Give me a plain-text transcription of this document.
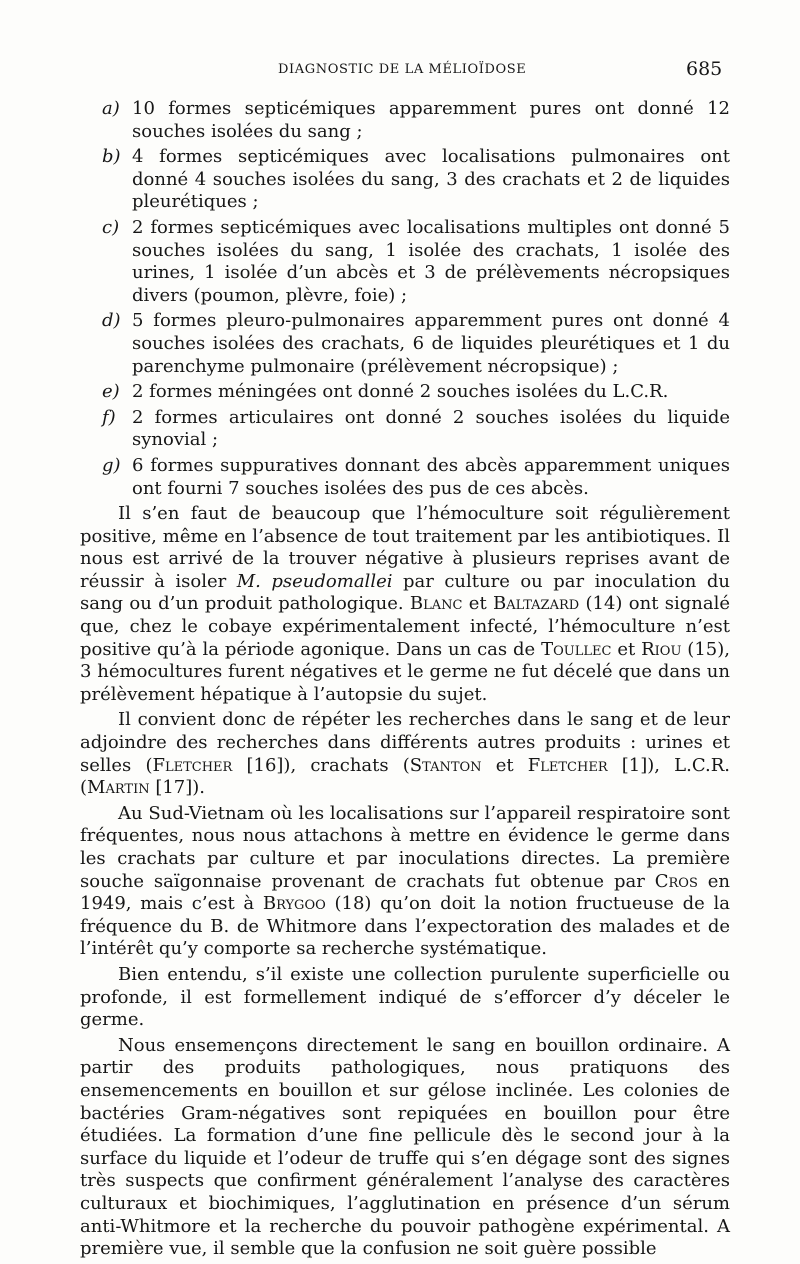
DIAGNOSTIC DE LA MÉLIOÏDOSE	685
a) 10 formes septicémiques apparemment pures ont donné 12 souches isolées du sang ;
b) 4 formes septicémiques avec localisations pulmonaires ont donné 4 souches isolées du sang, 3 des crachats et 2 de liquides pleurétiques ;
c) 2 formes septicémiques avec localisations multiples ont donné 5 souches isolées du sang, 1 isolée des crachats, 1 isolée des urines, 1 isolée d’un abcès et 3 de prélèvements nécropsiques divers (poumon, plèvre, foie) ;
d) 5 formes pleuro-pulmonaires apparemment pures ont donné 4 souches isolées des crachats, 6 de liquides pleurétiques et 1 du parenchyme pulmonaire (prélèvement nécropsique) ;
e) 2 formes méningées ont donné 2 souches isolées du L.C.R.
f) 2 formes articulaires ont donné 2 souches isolées du liquide synovial ;
g) 6 formes suppuratives donnant des abcès apparemment uniques ont fourni 7 souches isolées des pus de ces abcès.

Il s’en faut de beaucoup que l’hémoculture soit régulièrement positive, même en l’absence de tout traitement par les antibiotiques. Il nous est arrivé de la trouver négative à plusieurs reprises avant de réussir à isoler M. pseudomallei par culture ou par inoculation du sang ou d’un produit pathologique. Blanc et Baltazard (14) ont signalé que, chez le cobaye expérimentalement infecté, l’hémoculture n’est positive qu’à la période agonique. Dans un cas de Toullec et Riou (15), 3 hémocultures furent négatives et le germe ne fut décelé que dans un prélèvement hépatique à l’autopsie du sujet.

Il convient donc de répéter les recherches dans le sang et de leur adjoindre des recherches dans différents autres produits : urines et selles (Fletcher [16]), crachats (Stanton et Fletcher [1]), L.C.R. (Martin [17]).

Au Sud-Vietnam où les localisations sur l’appareil respiratoire sont fréquentes, nous nous attachons à mettre en évidence le germe dans les crachats par culture et par inoculations directes. La première souche saïgonnaise provenant de crachats fut obtenue par Cros en 1949, mais c’est à Brygoo (18) qu’on doit la notion fructueuse de la fréquence du B. de Whitmore dans l’expectoration des malades et de l’intérêt qu’y comporte sa recherche systématique.

Bien entendu, s’il existe une collection purulente superficielle ou profonde, il est formellement indiqué de s’efforcer d’y déceler le germe.

Nous ensemençons directement le sang en bouillon ordinaire. A partir des produits pathologiques, nous pratiquons des ensemencements en bouillon et sur gélose inclinée. Les colonies de bactéries Gram-négatives sont repiquées en bouillon pour être étudiées. La formation d’une fine pellicule dès le second jour à la surface du liquide et l’odeur de truffe qui s’en dégage sont des signes très suspects que confirment généralement l’analyse des caractères culturaux et biochimiques, l’agglutination en présence d’un sérum anti-Whitmore et la recherche du pouvoir pathogène expérimental. A première vue, il semble que la confusion ne soit guère possible
